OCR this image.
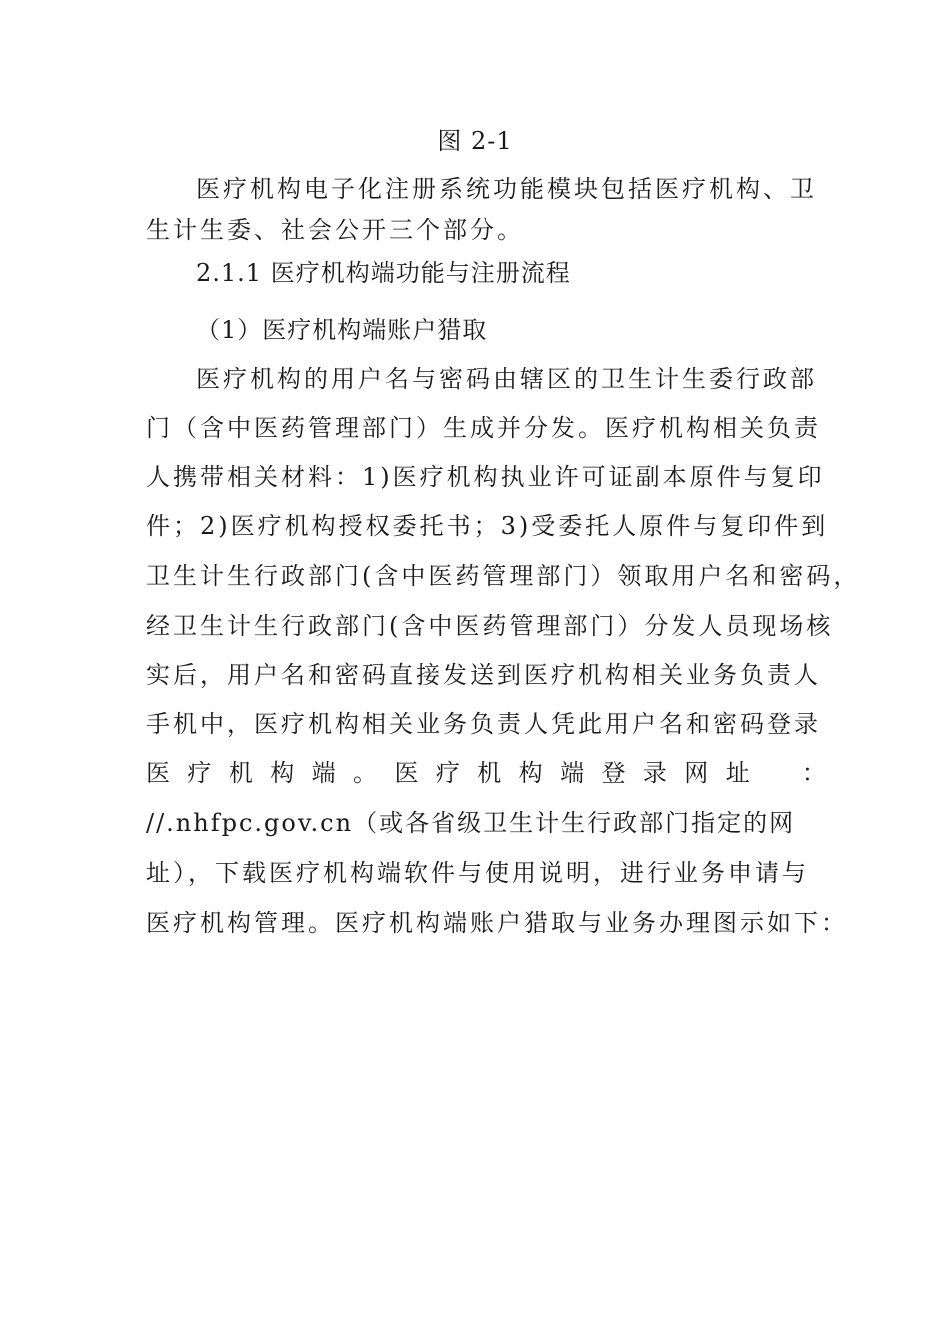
图 2-1
医疗机构电子化注册系统功能模块包括医疗机构、卫
生计生委、社会公开三个部分。
2.1.1 医疗机构端功能与注册流程
（1）医疗机构端账户猎取
医疗机构的用户名与密码由辖区的卫生计生委行政部
门（含中医药管理部门）生成并分发。医疗机构相关负责
人携带相关材料：1)医疗机构执业许可证副本原件与复印
件；2)医疗机构授权委托书；3)受委托人原件与复印件到
卫生计生行政部门(含中医药管理部门）领取用户名和密码，
经卫生计生行政部门(含中医药管理部门）分发人员现场核
实后，用户名和密码直接发送到医疗机构相关业务负责人
手机中，医疗机构相关业务负责人凭此用户名和密码登录
医 疗 机 构 端 。 医 疗 机 构 端 登 录 网 址 ：
//.nhfpc.gov.cn（或各省级卫生计生行政部门指定的网
址），下载医疗机构端软件与使用说明，进行业务申请与
医疗机构管理。医疗机构端账户猎取与业务办理图示如下：
